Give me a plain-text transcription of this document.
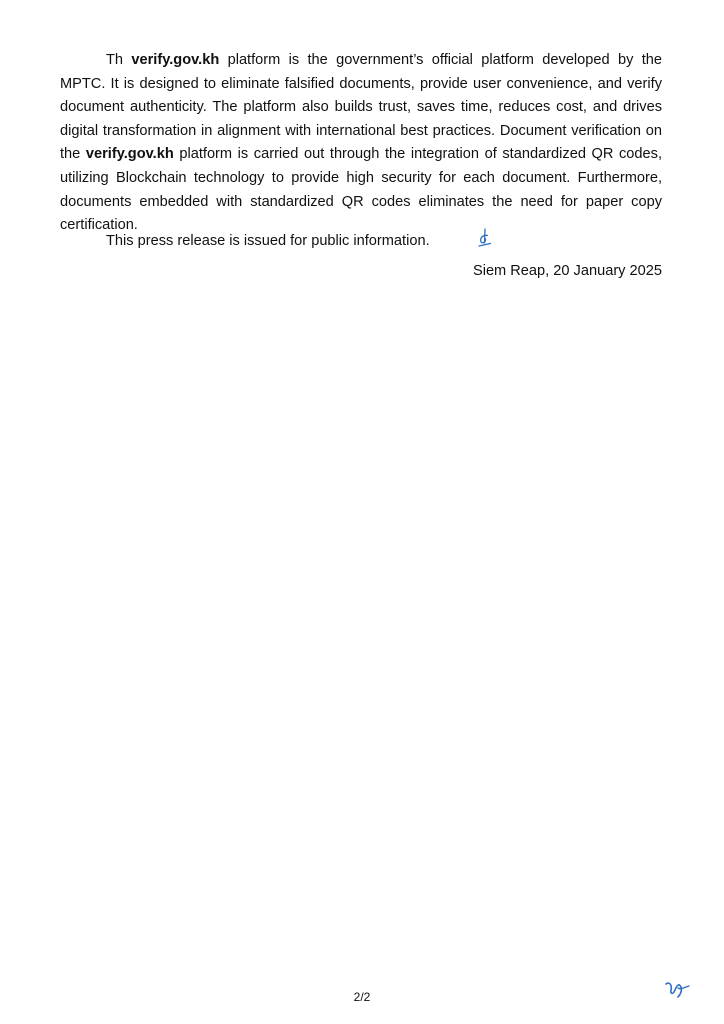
Th verify.gov.kh platform is the government’s official platform developed by the MPTC. It is designed to eliminate falsified documents, provide user convenience, and verify document authenticity. The platform also builds trust, saves time, reduces cost, and drives digital transformation in alignment with international best practices. Document verification on the verify.gov.kh platform is carried out through the integration of standardized QR codes, utilizing Blockchain technology to provide high security for each document. Furthermore, documents embedded with standardized QR codes eliminates the need for paper copy certification.

This press release is issued for public information.

Siem Reap, 20 January 2025
2/2
